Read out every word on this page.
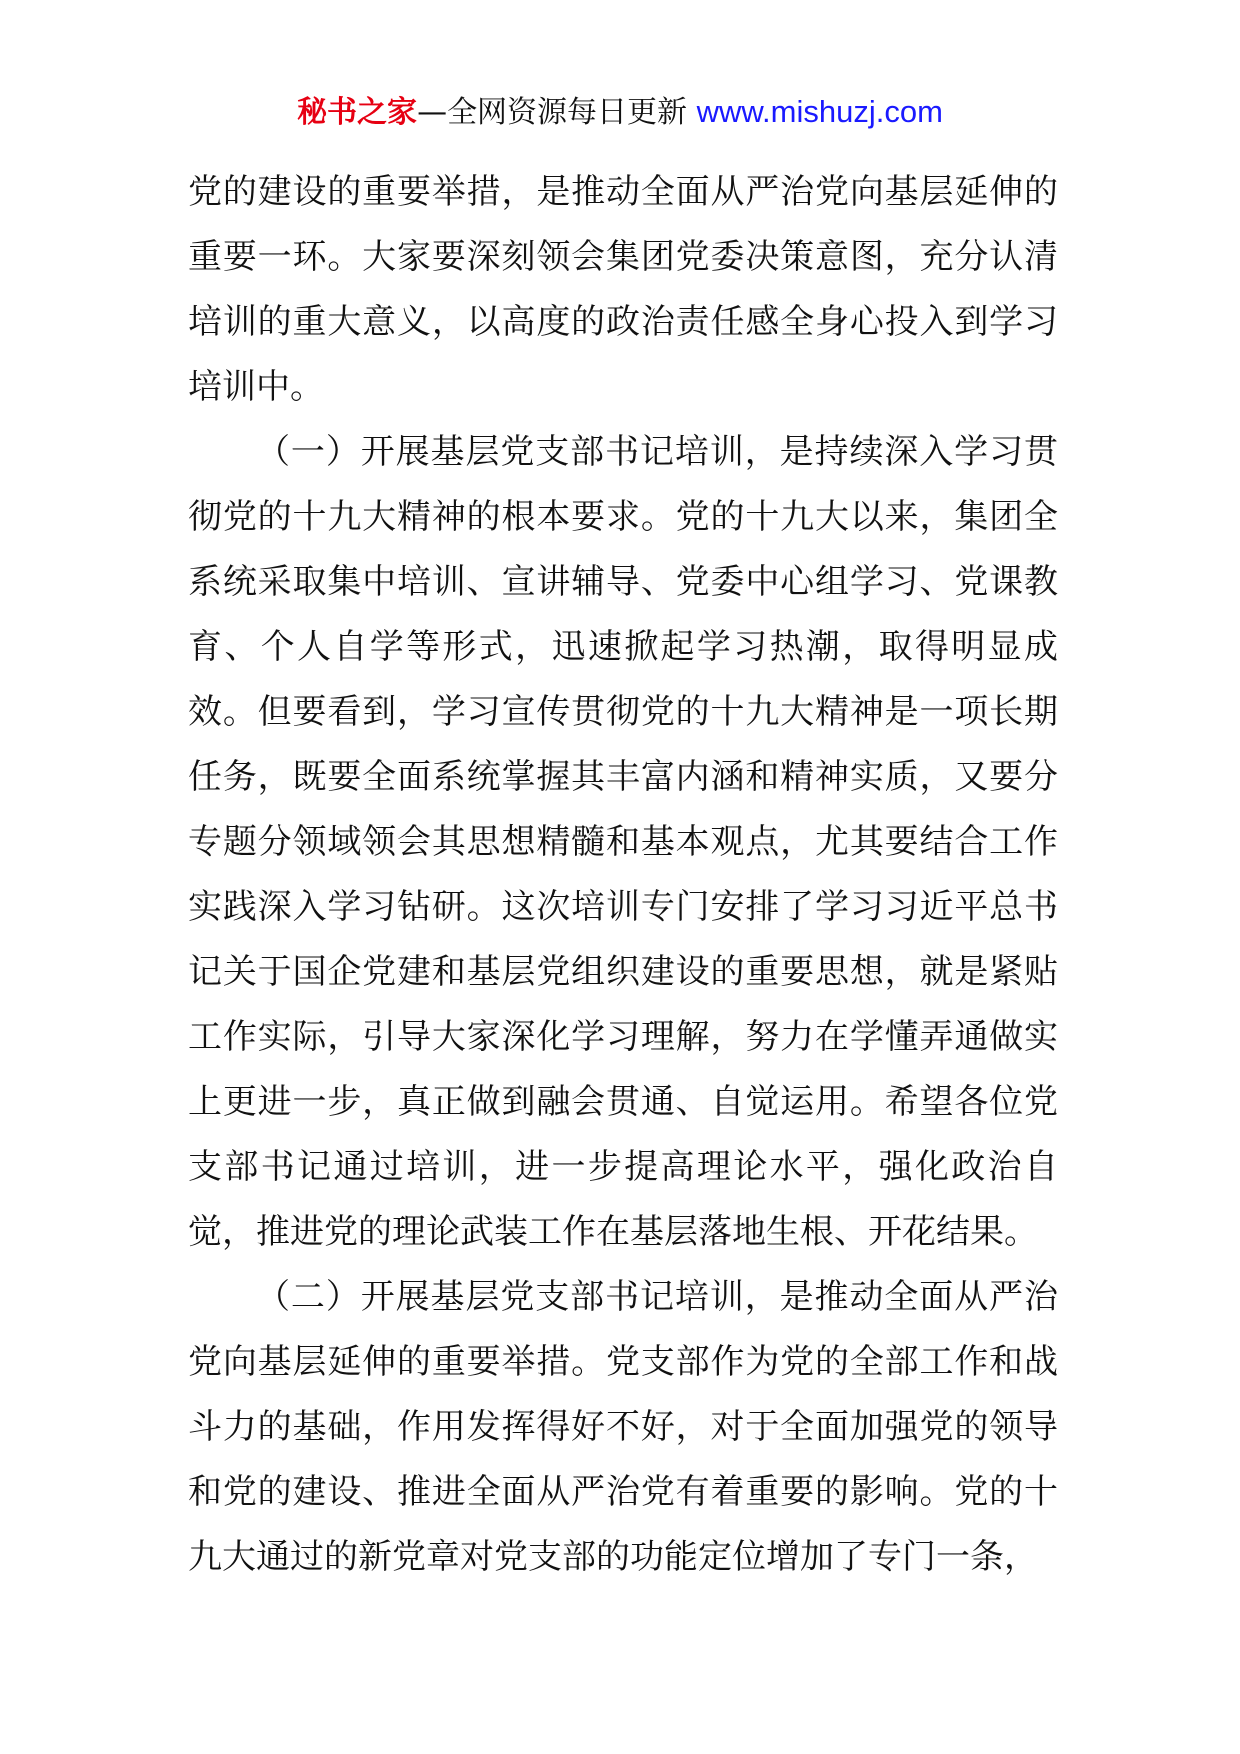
秘书之家—全网资源每日更新 www.mishuzj.com

党的建设的重要举措，是推动全面从严治党向基层延伸的重要一环。大家要深刻领会集团党委决策意图，充分认清培训的重大意义，以高度的政治责任感全身心投入到学习培训中。

（一）开展基层党支部书记培训，是持续深入学习贯彻党的十九大精神的根本要求。党的十九大以来，集团全系统采取集中培训、宣讲辅导、党委中心组学习、党课教育、个人自学等形式，迅速掀起学习热潮，取得明显成效。但要看到，学习宣传贯彻党的十九大精神是一项长期任务，既要全面系统掌握其丰富内涵和精神实质，又要分专题分领域领会其思想精髓和基本观点，尤其要结合工作实践深入学习钻研。这次培训专门安排了学习习近平总书记关于国企党建和基层党组织建设的重要思想，就是紧贴工作实际，引导大家深化学习理解，努力在学懂弄通做实上更进一步，真正做到融会贯通、自觉运用。希望各位党支部书记通过培训，进一步提高理论水平，强化政治自觉，推进党的理论武装工作在基层落地生根、开花结果。

（二）开展基层党支部书记培训，是推动全面从严治党向基层延伸的重要举措。党支部作为党的全部工作和战斗力的基础，作用发挥得好不好，对于全面加强党的领导和党的建设、推进全面从严治党有着重要的影响。党的十九大通过的新党章对党支部的功能定位增加了专门一条，
